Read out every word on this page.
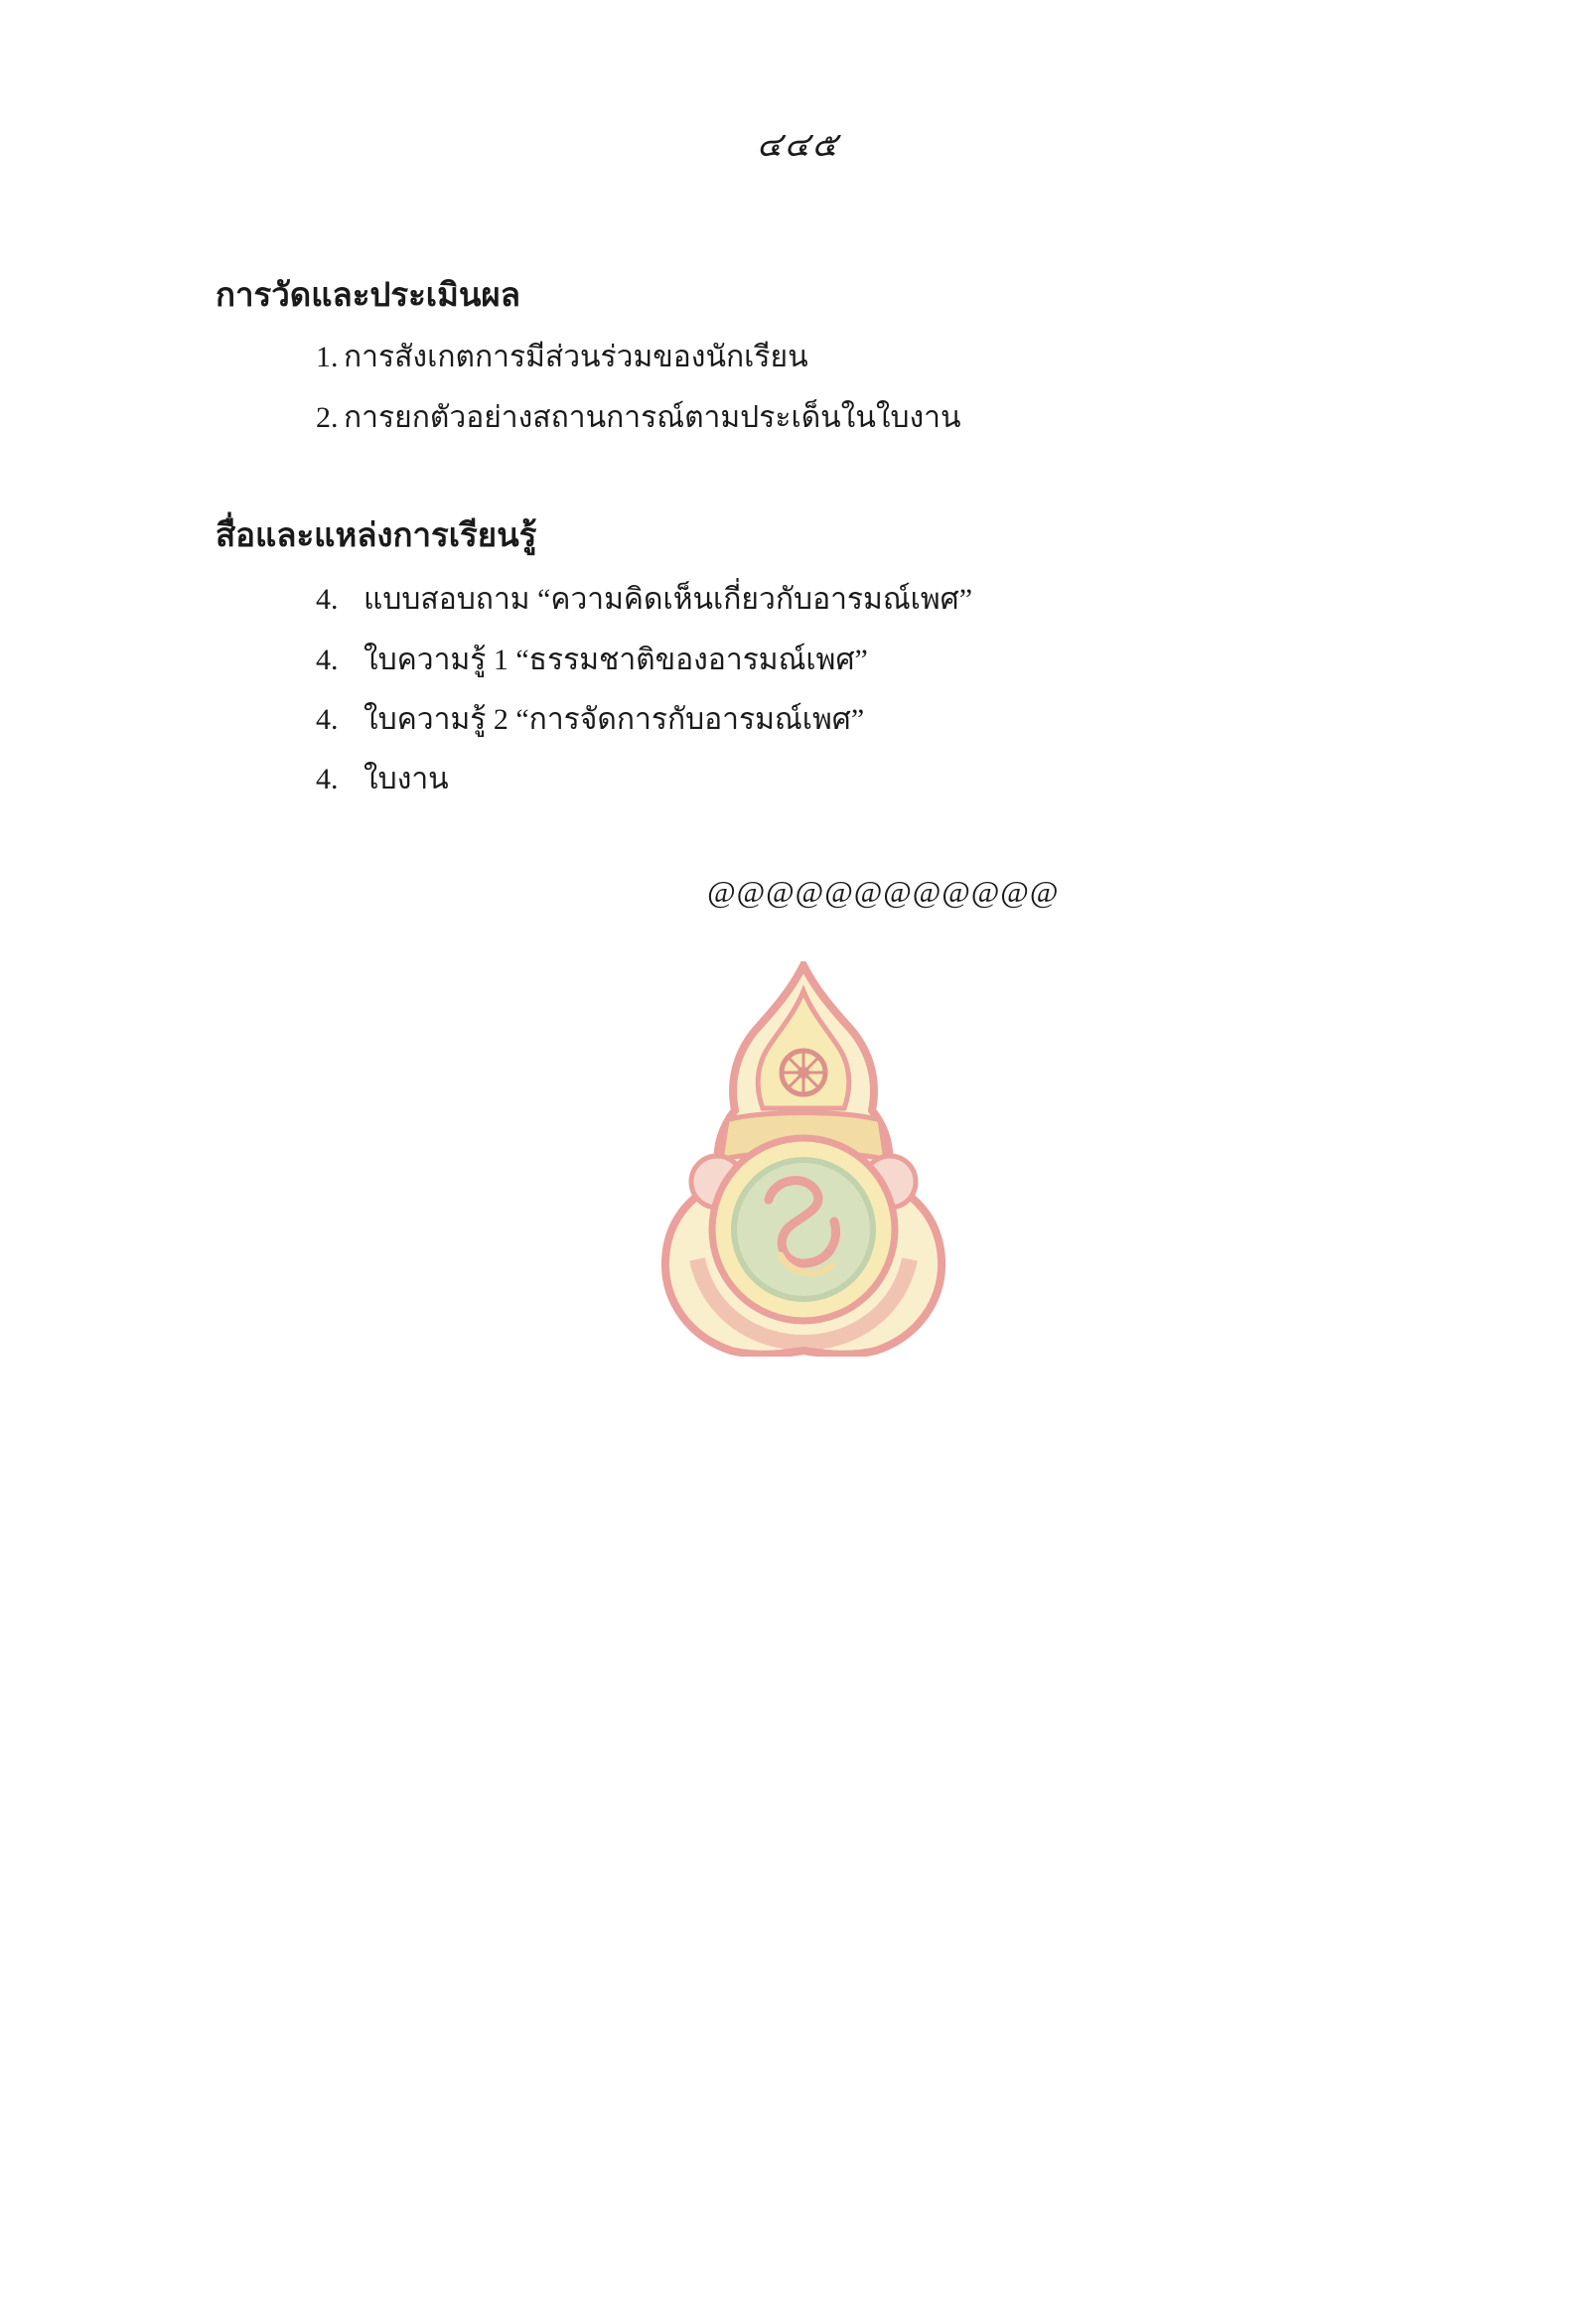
๔๔๕
การวัดและประเมินผล
1. การสังเกตการมีส่วนร่วมของนักเรียน
2. การยกตัวอย่างสถานการณ์ตามประเด็นในใบงาน
สื่อและแหล่งการเรียนรู้
4. แบบสอบถาม “ความคิดเห็นเกี่ยวกับอารมณ์เพศ”
4. ใบความรู้ 1 “ธรรมชาติของอารมณ์เพศ”
4. ใบความรู้ 2 “การจัดการกับอารมณ์เพศ”
4. ใบงาน
@@@@@@@@@@@@
